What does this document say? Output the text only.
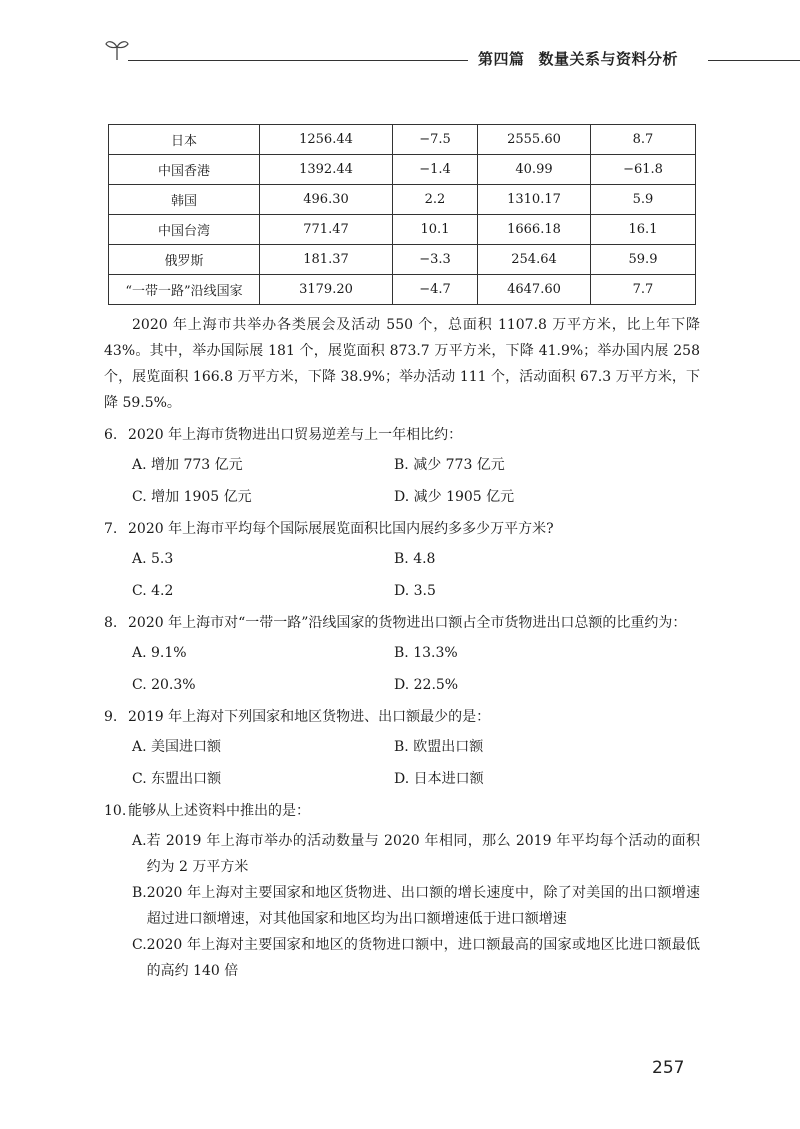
第四篇 数量关系与资料分析
日本	1256.44	−7.5	2555.60	8.7
中国香港	1392.44	−1.4	40.99	−61.8
韩国	496.30	2.2	1310.17	5.9
中国台湾	771.47	10.1	1666.18	16.1
俄罗斯	181.37	−3.3	254.64	59.9
“一带一路”沿线国家	3179.20	−4.7	4647.60	7.7

2020 年上海市共举办各类展会及活动 550 个，总面积 1107.8 万平方米，比上年下降 43%。其中，举办国际展 181 个，展览面积 873.7 万平方米，下降 41.9%；举办国内展 258 个，展览面积 166.8 万平方米，下降 38.9%；举办活动 111 个，活动面积 67.3 万平方米，下降 59.5%。

6. 2020 年上海市货物进出口贸易逆差与上一年相比约：
A. 增加 773 亿元	B. 减少 773 亿元
C. 增加 1905 亿元	D. 减少 1905 亿元
7. 2020 年上海市平均每个国际展展览面积比国内展约多多少万平方米?
A. 5.3	B. 4.8
C. 4.2	D. 3.5
8. 2020 年上海市对“一带一路”沿线国家的货物进出口额占全市货物进出口总额的比重约为：
A. 9.1%	B. 13.3%
C. 20.3%	D. 22.5%
9. 2019 年上海对下列国家和地区货物进、出口额最少的是：
A. 美国进口额	B. 欧盟出口额
C. 东盟出口额	D. 日本进口额
10. 能够从上述资料中推出的是：
A. 若 2019 年上海市举办的活动数量与 2020 年相同，那么 2019 年平均每个活动的面积约为 2 万平方米
B. 2020 年上海对主要国家和地区货物进、出口额的增长速度中，除了对美国的出口额增速超过进口额增速，对其他国家和地区均为出口额增速低于进口额增速
C. 2020 年上海对主要国家和地区的货物进口额中，进口额最高的国家或地区比进口额最低的高约 140 倍
257
